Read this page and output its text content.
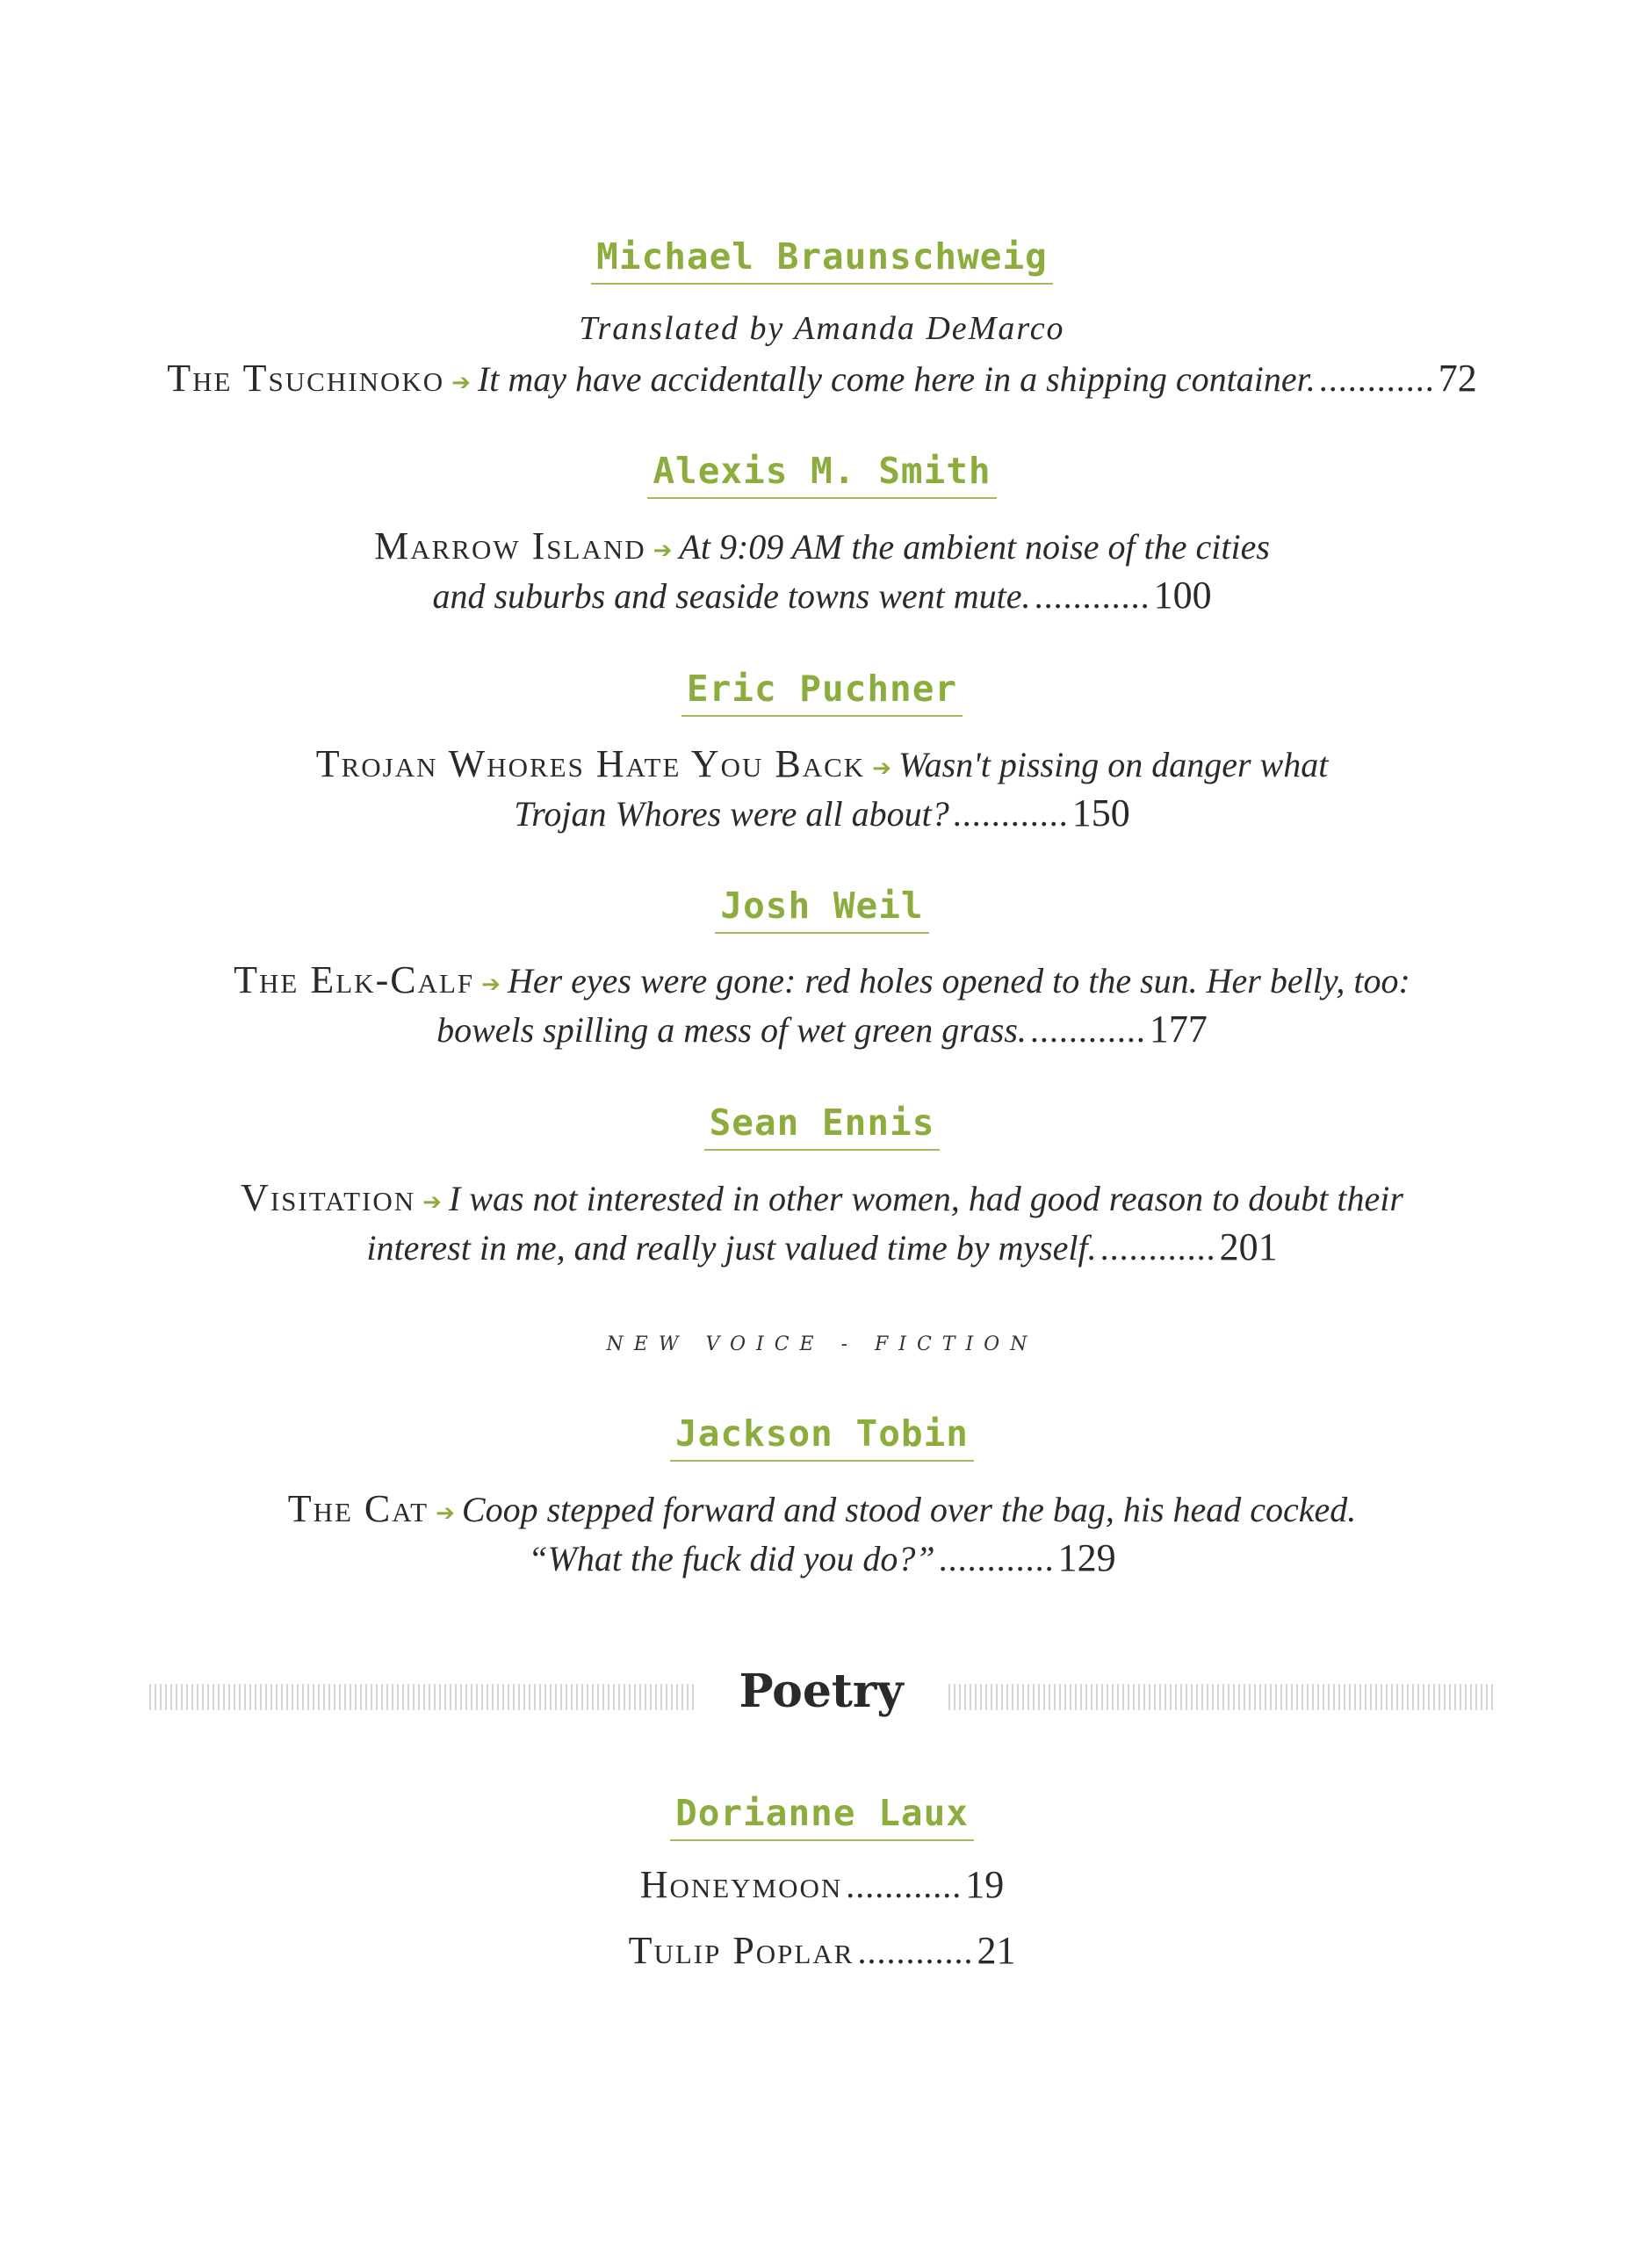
Michael Braunschweig
Translated by Amanda DeMarco
The Tsuchinoko ➔ It may have accidentally come here in a shipping container. ............72
Alexis M. Smith
Marrow Island ➔ At 9:09 AM the ambient noise of the cities
and suburbs and seaside towns went mute. ............100
Eric Puchner
Trojan Whores Hate You Back ➔ Wasn't pissing on danger what
Trojan Whores were all about? ............150
Josh Weil
The Elk-Calf ➔ Her eyes were gone: red holes opened to the sun. Her belly, too:
bowels spilling a mess of wet green grass. ............177
Sean Ennis
Visitation ➔ I was not interested in other women, had good reason to doubt their
interest in me, and really just valued time by myself. ............201
NEW VOICE - FICTION
Jackson Tobin
The Cat ➔ Coop stepped forward and stood over the bag, his head cocked.
“What the fuck did you do?” ............129
Poetry
Dorianne Laux
Honeymoon ............19
Tulip Poplar ............21
